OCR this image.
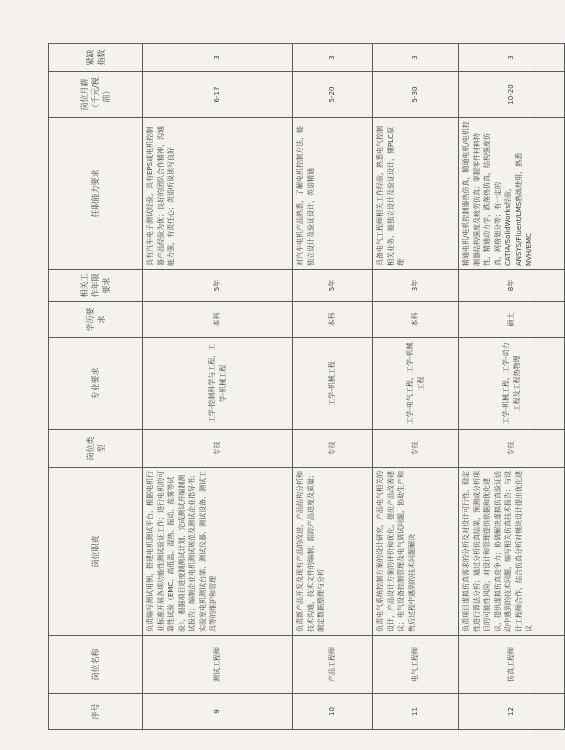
序号	岗位名称	岗位职责	岗位类型	专业要求	学历要求	相关工作年限要求	任职能力要求	岗位月薪（千元/税前）	紧缺指数
9	测试工程师	负责编写测试用例，搭建电机测试平台，根据电机行业标准开展各项功能性测试验证工作；进行电机的可靠性试验（EMC、高低温、湿热、振动、盐雾等试验），根据项目进度制测试计划，完成测试并编制测试报告；编制企业电机测试规范及测试企业指导书；实验室电机测试台架、测试仪器、测试设备、测试工具等的维护和管理	专技	工学-控制科学与工程，工学-机械工程	本科	5年	具有汽车电子测试经验，具有EPS或电机控制器产品经验为优；良好的团队合作精神，沟通能力强，有责任心；英语听说读写良好	6-17	3
10	产品工程师	负责新产品开发及现有产品的改进，产品结构分析和技术沟通，技术文件的编制；跟踪产品进度及质量；制定数据整理与分析	专技	工学-机械工程	本科	5年	对汽车电机产品熟悉，了解电机控制方法，能独立设计及验证设计，英语精通	5-20	3
11	电气工程师	负责电气系统控制方案的设计研究，产品电气相关的设计，产品设计方案的评价和优化，提出产品改善建议；电气设备控制管理及电气调试问题，协助生产和售后过程中遇到的技术问题解决	专技	工学-电气工程，工学-机械工程	本科	3年	具备电气工程师相关工作经验，熟悉电气控制相关业务，能独立设计及验证设计，懂PLC原理	5-30	3
12	仿真工程师	负责项目虚拟仿真需求的分析及对设计可行性、稳定性进行算法分析；通过分析仿真结果，预测或分析项目的可能性风险，对设计和管理提供依据和优化建议，提供虚拟仿真竞争力；协调解决虚拟仿真验证活动中遇到的技术问题，编写相关仿真技术报告；与设计工程师合作，结合仿真分析对模块设计提出优化建议	专技	工学-机械工程，工学-动力工程及工程热物理	硕士	8年	精通电机/电机控制器热仿真，精通电机/电机控制器结构强度及疲劳仿真；掌握零件材料特性，精通动力学，跌落热仿真，结构强度仿真，网格划分等；有一定的CATIA/SolidWorks经验，ANSYS/Fluent/LMS熟练使用，熟悉NVH/EMC	10-20	3
